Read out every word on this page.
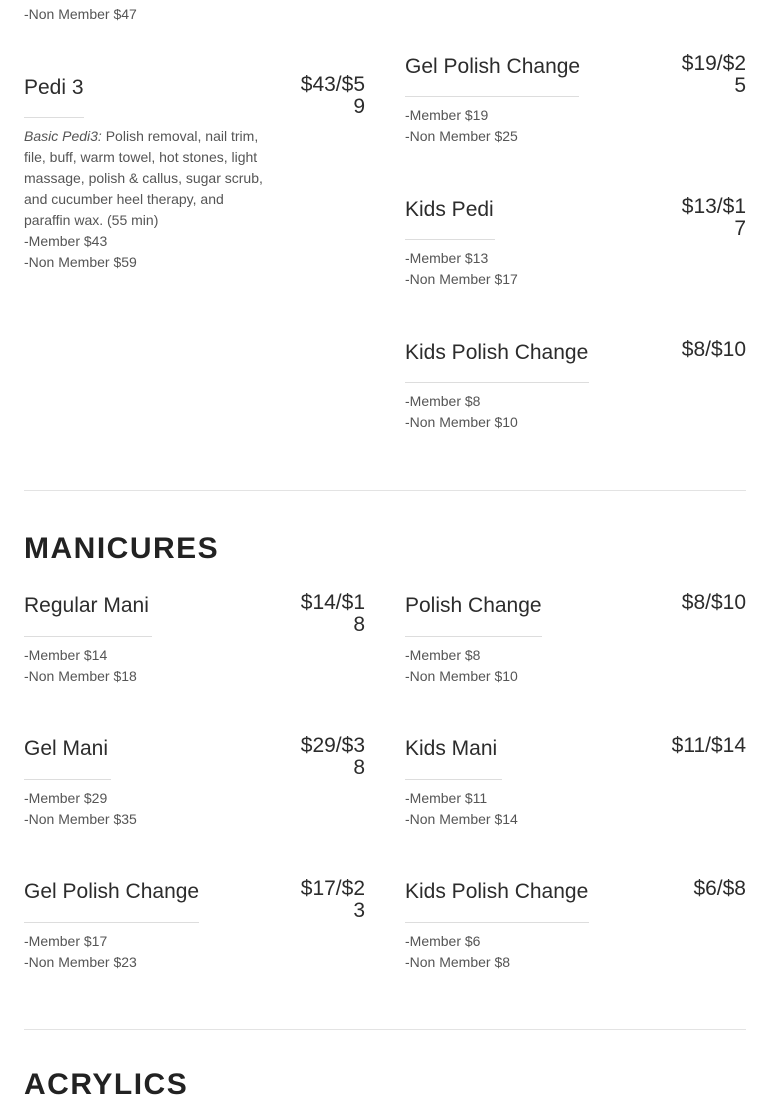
-Non Member $47
Pedi 3	$43/$59
Basic Pedi3: Polish removal, nail trim, file, buff, warm towel, hot stones, light massage, polish & callus, sugar scrub, and cucumber heel therapy, and paraffin wax. (55 min)
-Member $43
-Non Member $59
Gel Polish Change	$19/$25
-Member $19
-Non Member $25
Kids Pedi	$13/$17
-Member $13
-Non Member $17
Kids Polish Change	$8/$10
-Member $8
-Non Member $10
MANICURES
Regular Mani	$14/$18
-Member $14
-Non Member $18
Gel Mani	$29/$38
-Member $29
-Non Member $35
Gel Polish Change	$17/$23
-Member $17
-Non Member $23
Polish Change	$8/$10
-Member $8
-Non Member $10
Kids Mani	$11/$14
-Member $11
-Non Member $14
Kids Polish Change	$6/$8
-Member $6
-Non Member $8
ACRYLICS
